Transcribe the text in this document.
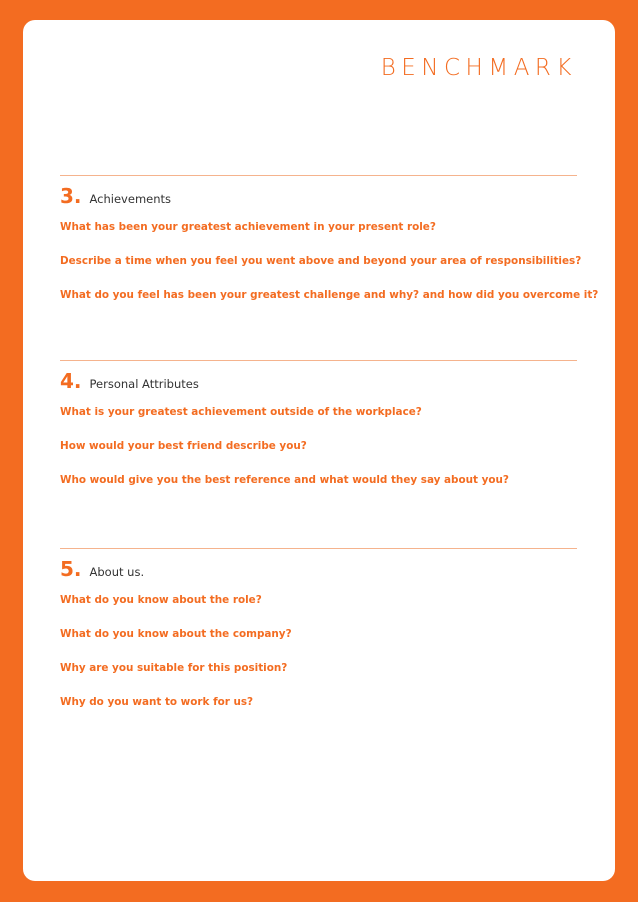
BENCHMARK
3. Achievements
What has been your greatest achievement in your present role?
Describe a time when you feel you went above and beyond your area of responsibilities?
What do you feel has been your greatest challenge and why? and how did you overcome it?
4. Personal Attributes
What is your greatest achievement outside of the workplace?
How would your best friend describe you?
Who would give you the best reference and what would they say about you?
5. About us.
What do you know about the role?
What do you know about the company?
Why are you suitable for this position?
Why do you want to work for us?
